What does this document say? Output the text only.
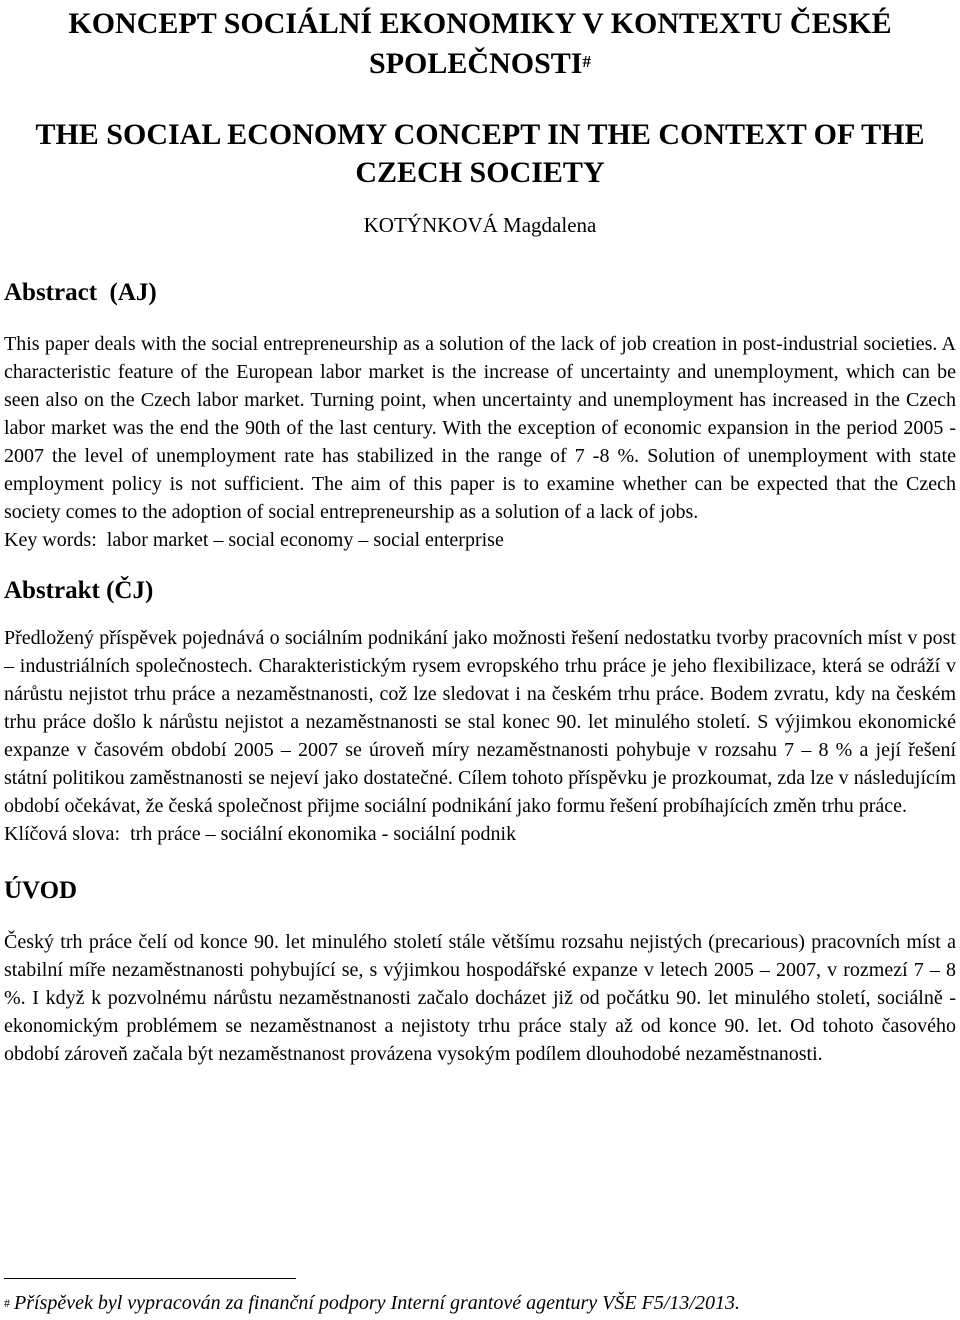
KONCEPT SOCIÁLNÍ EKONOMIKY V KONTEXTU ČESKÉ SPOLEČNOSTI#
THE SOCIAL ECONOMY CONCEPT IN THE CONTEXT OF THE CZECH SOCIETY
KOTÝNKOVÁ Magdalena
Abstract  (AJ)

This paper deals with the social entrepreneurship as a solution of the lack of job creation in post-industrial societies. A characteristic feature of the European labor market is the increase of uncertainty and unemployment, which can be seen also on the Czech labor market. Turning point, when uncertainty and unemployment has increased in the Czech labor market was the end the 90th of the last century. With the exception of economic expansion in the period 2005 - 2007 the level of unemployment rate has stabilized in the range of 7 -8 %. Solution of unemployment with state employment policy is not sufficient. The aim of this paper is to examine whether can be expected that the Czech society comes to the adoption of social entrepreneurship as a solution of a lack of jobs.

Key words:  labor market – social economy – social enterprise
Abstrakt (ČJ)

Předložený příspěvek pojednává o sociálním podnikání jako možnosti řešení nedostatku tvorby pracovních míst v post – industriálních společnostech. Charakteristickým rysem evropského trhu práce je jeho flexibilizace, která se odráží v nárůstu nejistot trhu práce a nezaměstnanosti, což lze sledovat i na českém trhu práce. Bodem zvratu, kdy na českém trhu práce došlo k nárůstu nejistot a nezaměstnanosti se stal konec 90. let minulého století. S výjimkou ekonomické expanze v časovém období 2005 – 2007 se úroveň míry nezaměstnanosti pohybuje v rozsahu 7 – 8 % a její řešení státní politikou zaměstnanosti se nejeví jako dostatečné. Cílem tohoto příspěvku je prozkoumat, zda lze v následujícím období očekávat, že česká společnost přijme sociální podnikání jako formu řešení probíhajících změn trhu práce.

Klíčová slova:  trh práce – sociální ekonomika - sociální podnik
ÚVOD

Český trh práce čelí od konce 90. let minulého století stále většímu rozsahu nejistých (precarious) pracovních míst a stabilní míře nezaměstnanosti pohybující se, s výjimkou hospodářské expanze v letech 2005 – 2007, v rozmezí 7 – 8 %. I když k pozvolnému nárůstu nezaměstnanosti začalo docházet již od počátku 90. let minulého století, sociálně - ekonomickým problémem se nezaměstnanost a nejistoty trhu práce staly až od konce 90. let. Od tohoto časového období zároveň začala být nezaměstnanost provázena vysokým podílem dlouhodobé nezaměstnanosti.

# Příspěvek byl vypracován za finanční podpory Interní grantové agentury VŠE F5/13/2013.
